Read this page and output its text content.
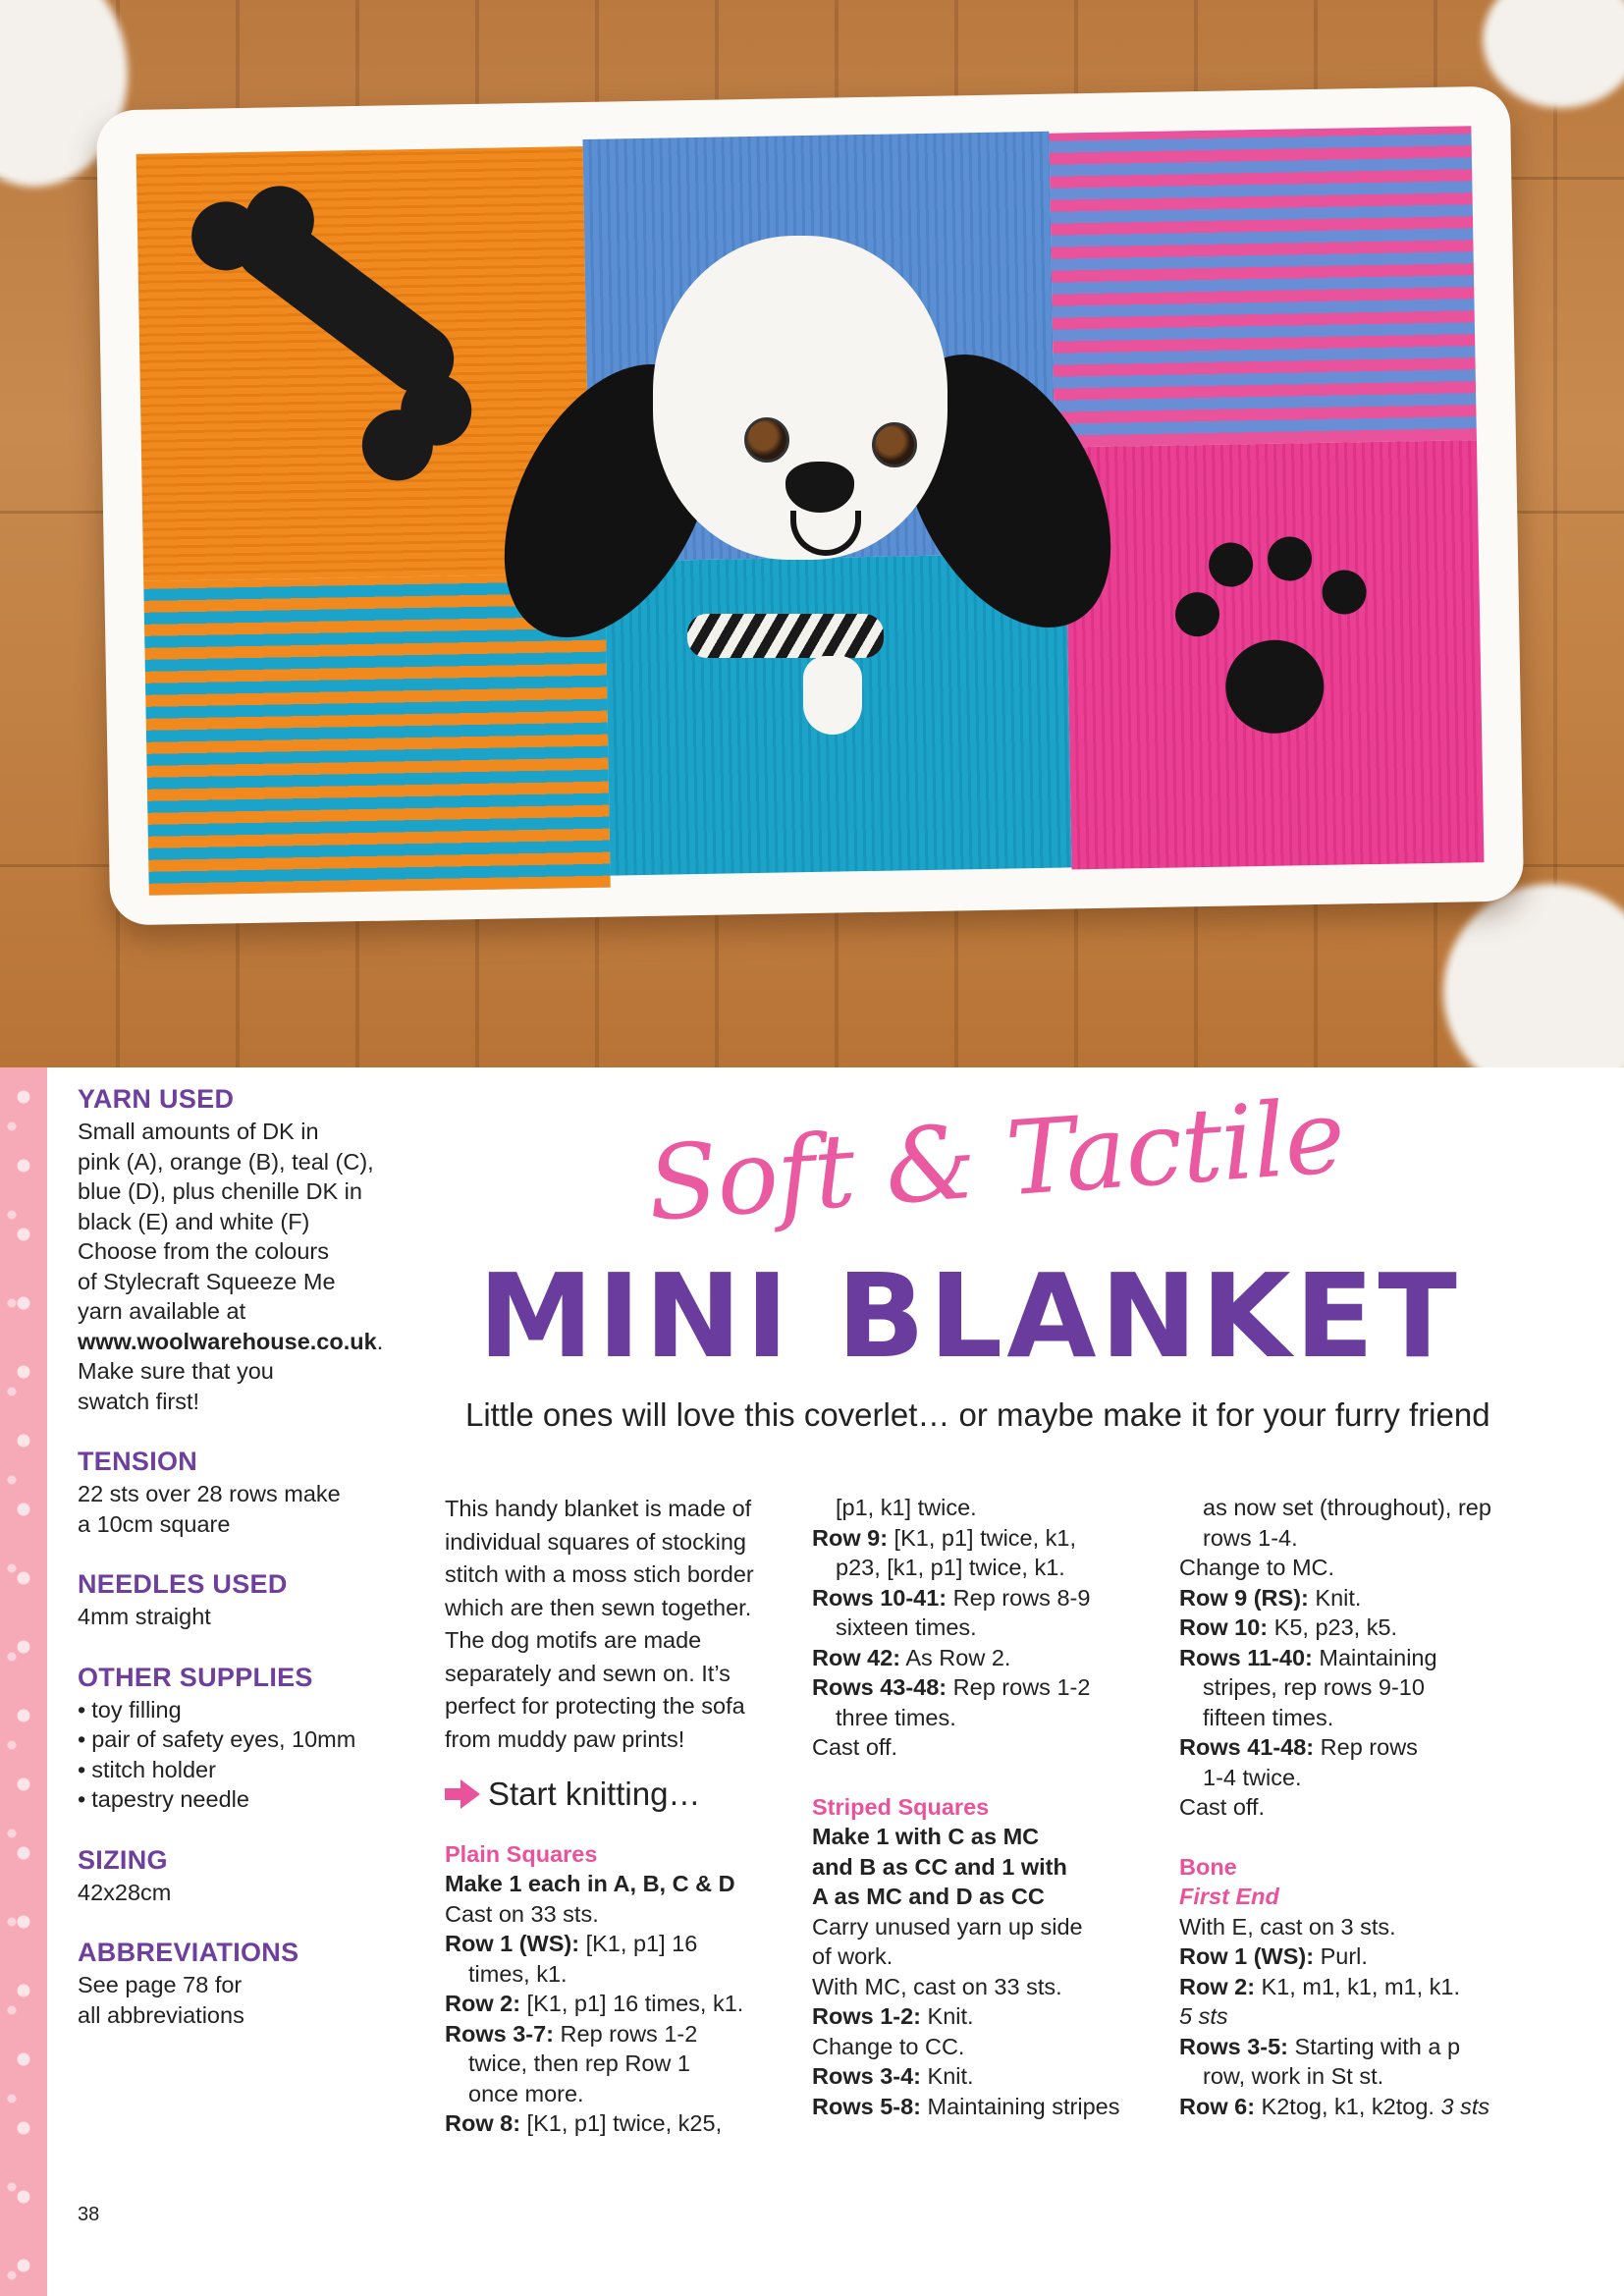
YARN USED

Small amounts of DK in
pink (A), orange (B), teal (C),
blue (D), plus chenille DK in
black (E) and white (F)
Choose from the colours
of Stylecraft Squeeze Me
yarn available at
www.woolwarehouse.co.uk.
Make sure that you
swatch first!

TENSION

22 sts over 28 rows make
a 10cm square

NEEDLES USED

4mm straight

OTHER SUPPLIES
• toy filling
• pair of safety eyes, 10mm
• stitch holder
• tapestry needle
SIZING

42x28cm

ABBREVIATIONS

See page 78 for
all abbreviations

Soft & Tactile
MINI BLANKET
Little ones will love this coverlet… or maybe make it for your furry friend

This handy blanket is made of
individual squares of stocking
stitch with a moss stich border
which are then sewn together.
The dog motifs are made
separately and sewn on. It’s
perfect for protecting the sofa
from muddy paw prints!

Start knitting…

Plain Squares

Make 1 each in A, B, C & D

Cast on 33 sts.

Row 1 (WS): [K1, p1] 16

times, k1.

Row 2: [K1, p1] 16 times, k1.

Rows 3-7: Rep rows 1-2

twice, then rep Row 1

once more.

Row 8: [K1, p1] twice, k25,

[p1, k1] twice.

Row 9: [K1, p1] twice, k1,

p23, [k1, p1] twice, k1.

Rows 10-41: Rep rows 8-9

sixteen times.

Row 42: As Row 2.

Rows 43-48: Rep rows 1-2

three times.

Cast off.

Striped Squares

Make 1 with C as MC

and B as CC and 1 with

A as MC and D as CC

Carry unused yarn up side

of work.

With MC, cast on 33 sts.

Rows 1-2: Knit.

Change to CC.

Rows 3-4: Knit.

Rows 5-8: Maintaining stripes

as now set (throughout), rep

rows 1-4.

Change to MC.

Row 9 (RS): Knit.

Row 10: K5, p23, k5.

Rows 11-40: Maintaining

stripes, rep rows 9-10

fifteen times.

Rows 41-48: Rep rows

1-4 twice.

Cast off.

Bone

First End

With E, cast on 3 sts.

Row 1 (WS): Purl.

Row 2: K1, m1, k1, m1, k1.

5 sts

Rows 3-5: Starting with a p

row, work in St st.

Row 6: K2tog, k1, k2tog. 3 sts

38
